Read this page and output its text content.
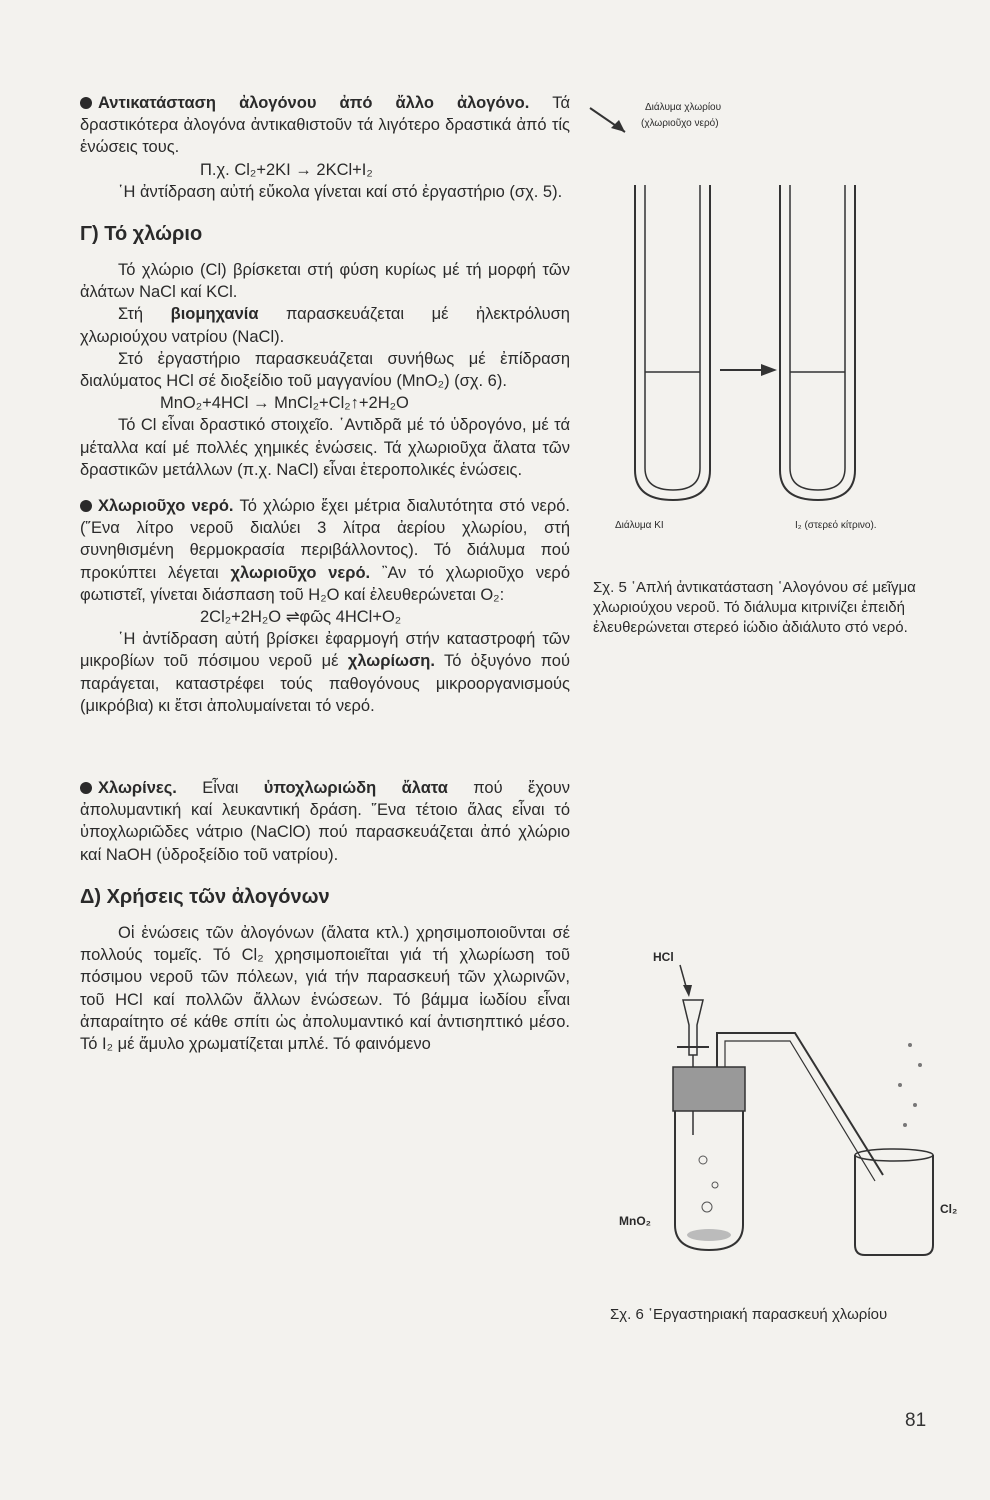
Αντικατάσταση ἀλογόνου ἀπό ἄλλο ἀλογόνο. Τά δραστικότερα ἀλογόνα ἀντικαθιστοῦν τά λιγότερο δραστικά ἀπό τίς ἑνώσεις τους.

Π.χ. Cl₂+2KI → 2KCl+I₂

῾Η ἀντίδραση αὐτή εὔκολα γίνεται καί στό ἐργαστήριο (σχ. 5).

Γ) Τό χλώριο

Τό χλώριο (Cl) βρίσκεται στή φύση κυρίως μέ τή μορφή τῶν ἀλάτων NaCl καί KCl.

Στή βιομηχανία παρασκευάζεται μέ ἠλεκτρόλυση χλωριούχου νατρίου (NaCl).

Στό ἐργαστήριο παρασκευάζεται συνήθως μέ ἐπίδραση διαλύματος HCl σέ διοξείδιο τοῦ μαγγανίου (MnO₂) (σχ. 6).

MnO₂+4HCl → MnCl₂+Cl₂↑+2H₂O

Τό Cl εἶναι δραστικό στοιχεῖο. ῾Αντιδρᾶ μέ τό ὑδρογόνο, μέ τά μέταλλα καί μέ πολλές χημικές ἑνώσεις. Τά χλωριοῦχα ἄλατα τῶν δραστικῶν μετάλλων (π.χ. NaCl) εἶναι ἑτεροπολικές ἑνώσεις.

Χλωριοῦχο νερό. Τό χλώριο ἔχει μέτρια διαλυτότητα στό νερό. (῞Ενα λίτρο νεροῦ διαλύει 3 λίτρα ἀερίου χλωρίου, στή συνηθισμένη θερμοκρασία περιβάλλοντος). Τό διάλυμα πού προκύπτει λέγεται χλωριοῦχο νερό. ῍Αν τό χλωριοῦχο νερό φωτιστεῖ, γίνεται διάσπαση τοῦ H₂O καί ἐλευθερώνεται O₂:

2Cl₂+2H₂O ⇌φῶς 4HCl+O₂

῾Η ἀντίδραση αὐτή βρίσκει ἐφαρμογή στήν καταστροφή τῶν μικροβίων τοῦ πόσιμου νεροῦ μέ χλωρίωση. Τό ὀξυγόνο πού παράγεται, καταστρέφει τούς παθογόνους μικροοργανισμούς (μικρόβια) κι ἔτσι ἀπολυμαίνεται τό νερό.

Χλωρίνες. Εἶναι ὑποχλωριώδη ἄλατα πού ἔχουν ἀπολυμαντική καί λευκαντική δράση. ῞Ενα τέτοιο ἅλας εἶναι τό ὑποχλωριῶδες νάτριο (NaClO) πού παρασκευάζεται ἀπό χλώριο καί NaOH (ὑδροξείδιο τοῦ νατρίου).

Δ) Χρήσεις τῶν ἀλογόνων

Οἱ ἑνώσεις τῶν ἀλογόνων (ἄλατα κτλ.) χρησιμοποιοῦνται σέ πολλούς τομεῖς. Τό Cl₂ χρησιμοποιεῖται γιά τή χλωρίωση τοῦ πόσιμου νεροῦ τῶν πόλεων, γιά τήν παρασκευή τῶν χλωρινῶν, τοῦ HCl καί πολλῶν ἄλλων ἑνώσεων. Τό βάμμα ἰωδίου εἶναι ἀπαραίτητο σέ κάθε σπίτι ὡς ἀπολυμαντικό καί ἀντισηπτικό μέσο. Τό I₂ μέ ἄμυλο χρωματίζεται μπλέ. Τό φαινόμενο

Διάλυμα χλωρίου
(χλωριοῦχο νερό)
Διάλυμα KI	I₂ (στερεό κίτρινο).
Σχ. 5 ῾Απλή ἀντικατάσταση ῾Αλογόνου σέ μεῖγμα χλωριούχου νεροῦ. Τό διάλυμα κιτρινίζει ἐπειδή ἐλευθερώνεται στερεό ἰώδιο ἀδιάλυτο στό νερό.
HCl
MnO₂
Cl₂
Σχ. 6 ῾Εργαστηριακή παρασκευή χλωρίου
81
